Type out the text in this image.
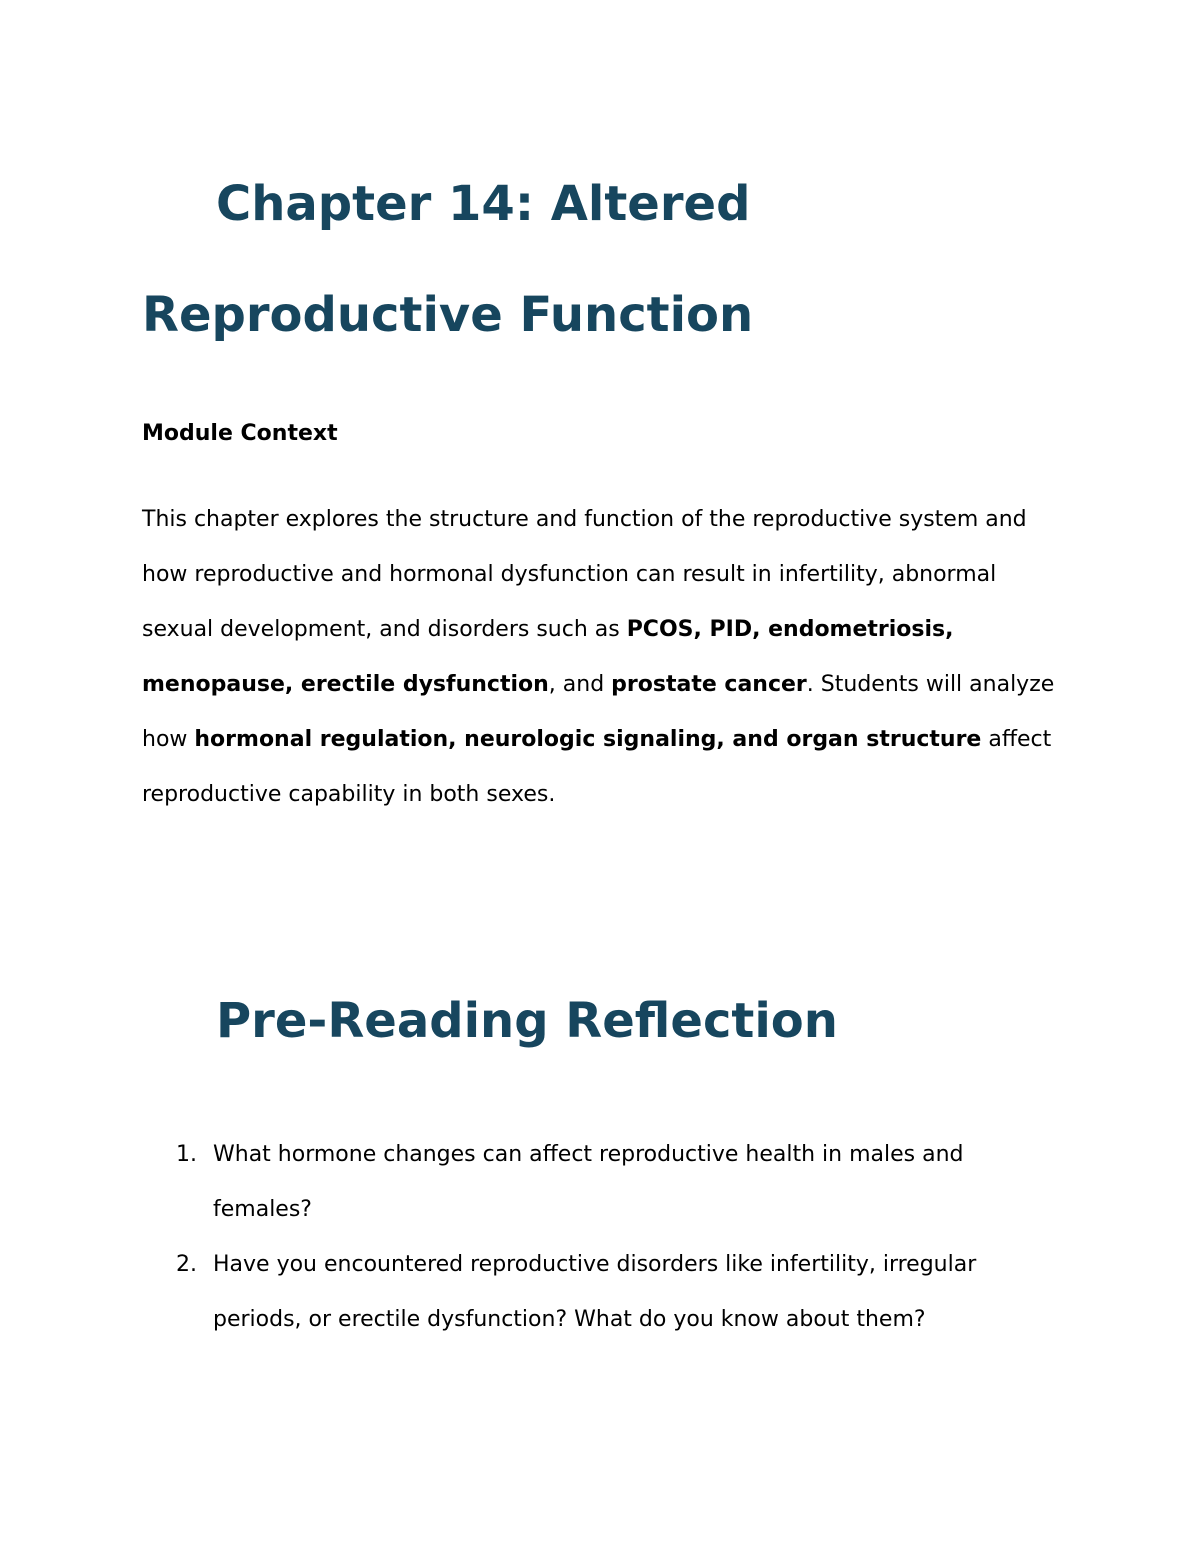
Chapter 14: Altered
Reproductive Function
Module Context

This chapter explores the structure and function of the reproductive system and how reproductive and hormonal dysfunction can result in infertility, abnormal sexual development, and disorders such as PCOS, PID, endometriosis, menopause, erectile dysfunction, and prostate cancer. Students will analyze how hormonal regulation, neurologic signaling, and organ structure affect reproductive capability in both sexes.

Pre-Reading Reflection
1. What hormone changes can affect reproductive health in males and females?
2. Have you encountered reproductive disorders like infertility, irregular periods, or erectile dysfunction? What do you know about them?
